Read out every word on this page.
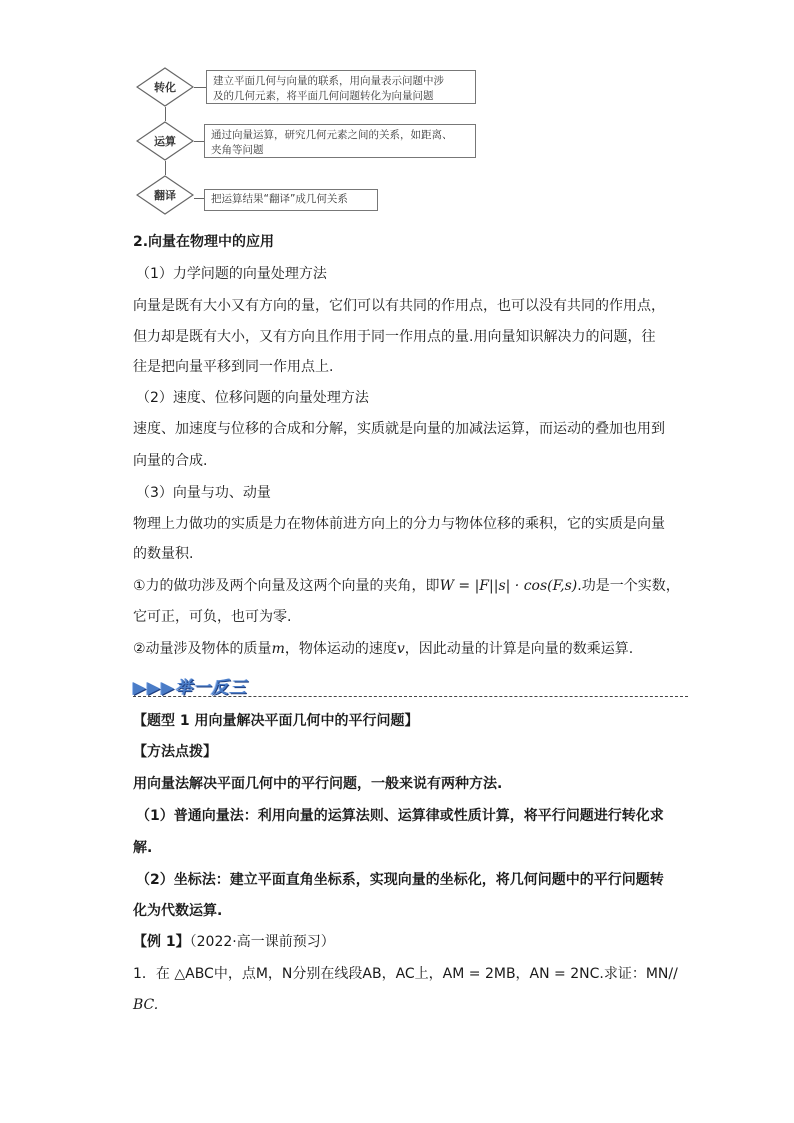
转化	建立平面几何与向量的联系，用向量表示问题中涉
及的几何元素，将平面几何问题转化为向量问题
运算	通过向量运算，研究几何元素之间的关系，如距离、
夹角等问题
翻译	把运算结果“翻译”成几何关系
2.向量在物理中的应用
（1）力学问题的向量处理方法
向量是既有大小又有方向的量，它们可以有共同的作用点，也可以没有共同的作用点，
但力却是既有大小，又有方向且作用于同一作用点的量.用向量知识解决力的问题，往
往是把向量平移到同一作用点上.
（2）速度、位移问题的向量处理方法
速度、加速度与位移的合成和分解，实质就是向量的加减法运算，而运动的叠加也用到
向量的合成.
（3）向量与功、动量
物理上力做功的实质是力在物体前进方向上的分力与物体位移的乘积，它的实质是向量
的数量积.
①力的做功涉及两个向量及这两个向量的夹角，即W = |F||s| · cos(F,s).功是一个实数，
它可正，可负，也可为零.
②动量涉及物体的质量m，物体运动的速度v，因此动量的计算是向量的数乘运算.
▶▶▶举一反三
【题型 1 用向量解决平面几何中的平行问题】
【方法点拨】
用向量法解决平面几何中的平行问题，一般来说有两种方法.
（1）普通向量法：利用向量的运算法则、运算律或性质计算，将平行问题进行转化求
解.
（2）坐标法：建立平面直角坐标系，实现向量的坐标化，将几何问题中的平行问题转
化为代数运算.
【例 1】（2022·高一课前预习）
1．在 △ABC中，点M，N分别在线段AB，AC上，AM = 2MB，AN = 2NC.求证：MN//
BC.
